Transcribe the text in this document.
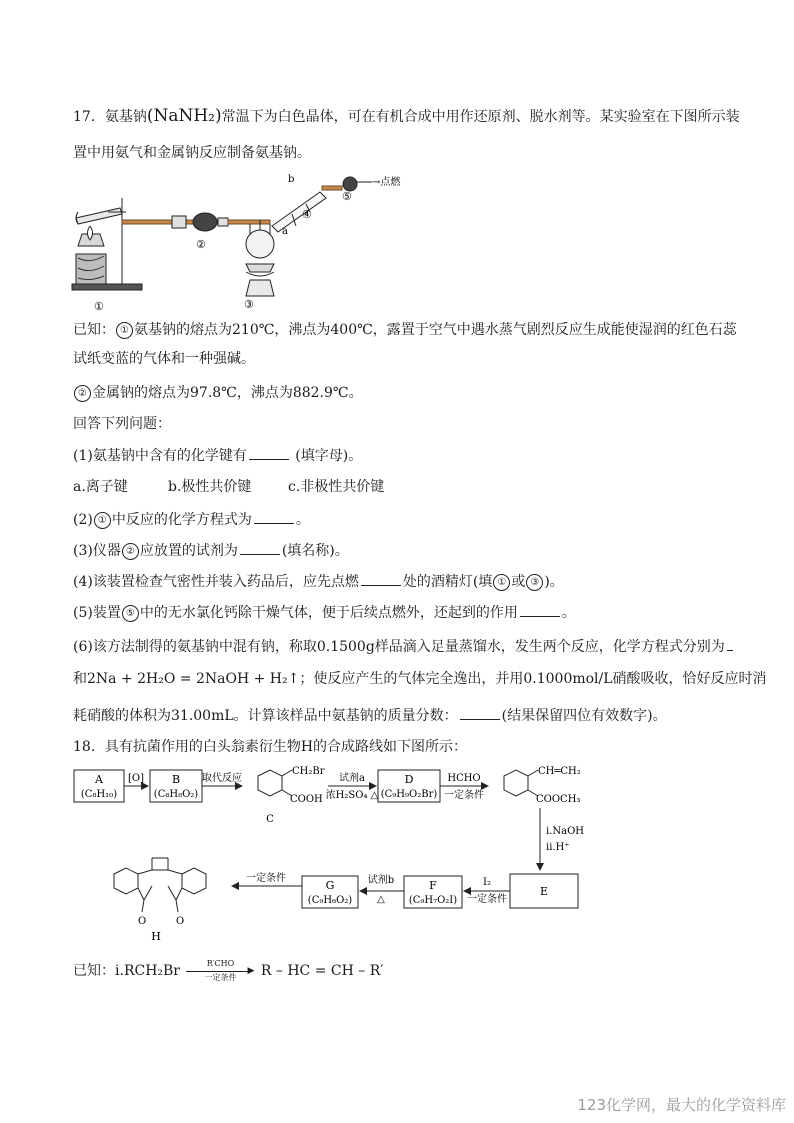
17．氨基钠(NaNH₂)常温下为白色晶体，可在有机合成中用作还原剂、脱水剂等。某实验室在下图所示装
置中用氨气和金属钠反应制备氨基钠。
b
a
→点燃
①
②
③
④
⑤
已知： ① 氨基钠的熔点为210℃，沸点为400℃，露置于空气中遇水蒸气剧烈反应生成能使湿润的红色石蕊
试纸变蓝的气体和一种强碱。
② 金属钠的熔点为97.8℃，沸点为882.9℃。
回答下列问题：
(1)氨基钠中含有的化学键有	(填字母)。
a.离子键	b.极性共价键	c.非极性共价键
(2) ① 中反应的化学方程式为	。
(3)仪器 ② 应放置的试剂为	(填名称)。
(4)该装置检查气密性并装入药品后，应先点燃	处的酒精灯(填 ① 或 ③ )。
(5)装置 ⑤ 中的无水氯化钙除干燥气体，便于后续点燃外，还起到的作用	。
(6)该方法制得的氨基钠中混有钠，称取0.1500g样品滴入足量蒸馏水，发生两个反应，化学方程式分别为
和2Na + 2H₂O = 2NaOH + H₂↑；使反应产生的气体完全逸出，并用0.1000mol/L硝酸吸收，恰好反应时消
耗硝酸的体积为31.00mL。计算该样品中氨基钠的质量分数：	(结果保留四位有效数字)。
18．具有抗菌作用的白头翁素衍生物H的合成路线如下图所示：
A
(C₈H₁₀)
[O]	B
(C₈H₈O₂)
取代反应
CH₂Br
COOH
C
试剂a
浓H₂SO₄ △
D
(C₉H₉O₂Br)
HCHO
一定条件
CH═CH₂
COOCH₃
i.NaOH
ii.H⁺
E
I₂
一定条件
F
(C₉H₇O₂I)
试剂b
△
G
(C₉H₆O₂)
一定条件
O	O
H
已知：i.RCH₂Br	R′CHO
▶
一定条件	R – HC = CH – R′
123化学网，最大的化学资料库
